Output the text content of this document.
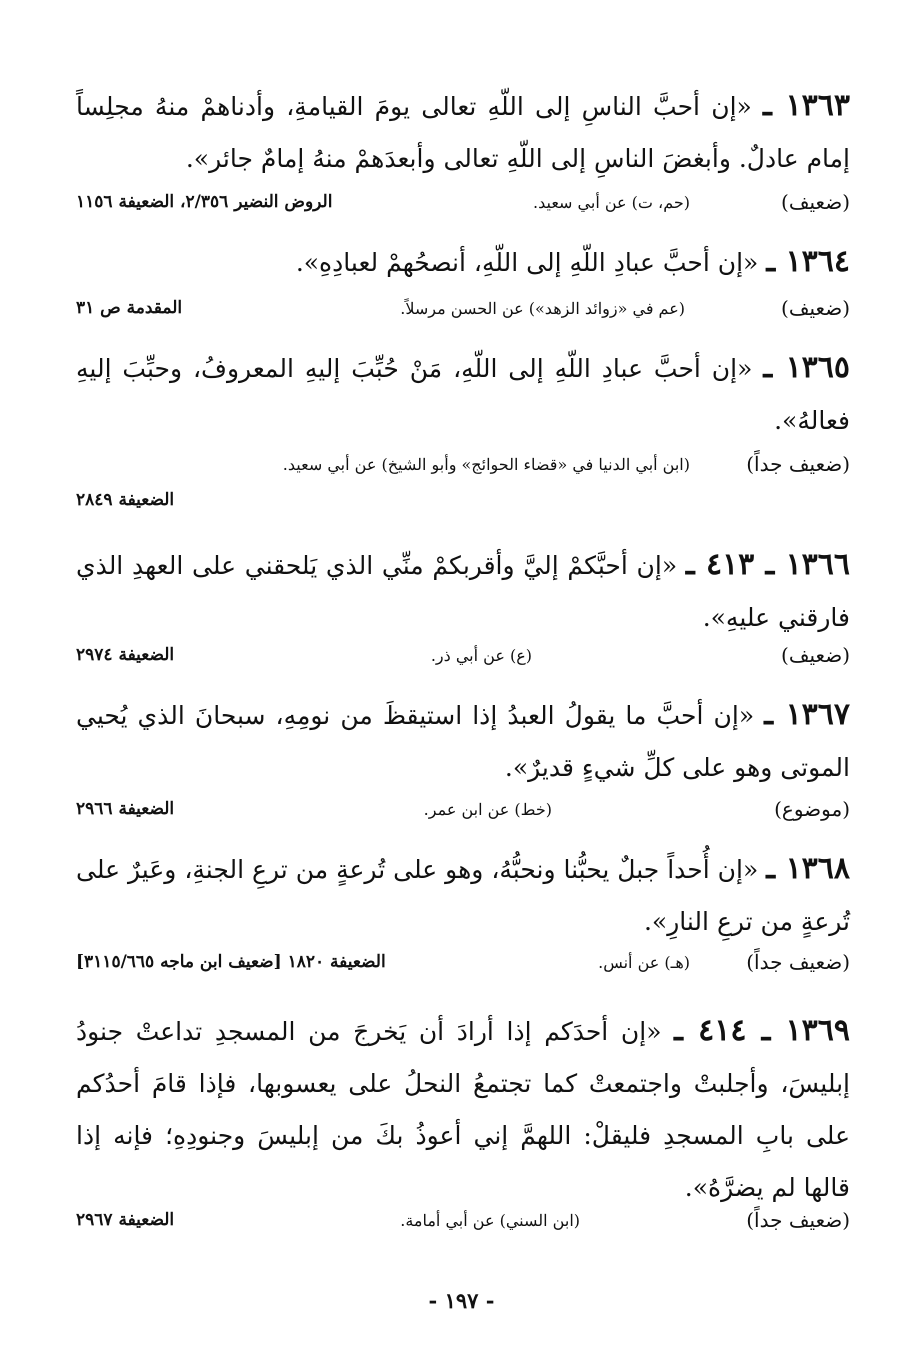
١٣٦٣ ـ «إن أحبَّ الناسِ إلى اللّهِ تعالى يومَ القيامةِ، وأدناهمْ منهُ مجلِساً إمام عادلٌ. وأبغضَ الناسِ إلى اللّهِ تعالى وأبعدَهمْ منهُ إمامٌ جائر».
(ضعيف)
(حم، ت) عن أبي سعيد.
الروض النضير ٢/٣٥٦، الضعيفة ١١٥٦
١٣٦٤ ـ «إن أحبَّ عبادِ اللّهِ إلى اللّهِ، أنصحُهمْ لعبادِهِ».
(ضعيف)
(عم في «زوائد الزهد») عن الحسن مرسلاً.
المقدمة ص ٣١
١٣٦٥ ـ «إن أحبَّ عبادِ اللّهِ إلى اللّهِ، مَنْ حُبِّبَ إليهِ المعروفُ، وحبِّبَ إليهِ فعالهُ».
(ضعيف جداً)
(ابن أبي الدنيا في «قضاء الحوائج» وأبو الشيخ) عن أبي سعيد.
الضعيفة ٢٨٤٩
١٣٦٦ ـ ٤١٣ ـ «إن أحبَّكمْ إليَّ وأقربكمْ منِّي الذي يَلحقني على العهدِ الذي فارقني عليهِ».
(ضعيف)
(ع) عن أبي ذر.
الضعيفة ٢٩٧٤
١٣٦٧ ـ «إن أحبَّ ما يقولُ العبدُ إذا استيقظَ من نومِهِ، سبحانَ الذي يُحيي الموتى وهو على كلِّ شيءٍ قديرٌ».
(موضوع)
(خط) عن ابن عمر.
الضعيفة ٢٩٦٦
١٣٦٨ ـ «إن أُحداً جبلٌ يحبُّنا ونحبُّهُ، وهو على تُرعةٍ من ترعِ الجنةِ، وعَيرٌ على تُرعةٍ من ترعِ النارِ».
(ضعيف جداً)
(هـ) عن أنس.
الضعيفة ١٨٢٠ [ضعيف ابن ماجه ٣١١٥/٦٦٥]
١٣٦٩ ـ ٤١٤ ـ «إن أحدَكم إذا أرادَ أن يَخرجَ من المسجدِ تداعتْ جنودُ إبليسَ، وأجلبتْ واجتمعتْ كما تجتمعُ النحلُ على يعسوبها، فإذا قامَ أحدُكم على بابِ المسجدِ فليقلْ: اللهمَّ إني أعوذُ بكَ من إبليسَ وجنودِهِ؛ فإنه إذا قالها لم يضرَّهُ».
(ضعيف جداً)
(ابن السني) عن أبي أمامة.
الضعيفة ٢٩٦٧
- ١٩٧ -
